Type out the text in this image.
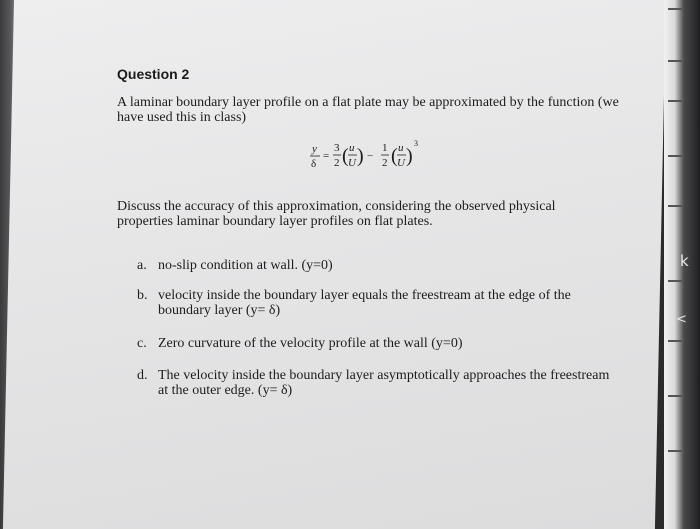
k
<
Question 2
A laminar boundary layer profile on a flat plate may be approximated by the function (we have used this in class)
y
δ
=
3
2 ( u
U ) −
1
2 ( u
U )
3
Discuss the accuracy of this approximation, considering the observed physical properties laminar boundary layer profiles on flat plates.
a. no-slip condition at wall. (y=0)
b. velocity inside the boundary layer equals the freestream at the edge of the boundary layer (y= δ)
c. Zero curvature of the velocity profile at the wall (y=0)
d. The velocity inside the boundary layer asymptotically approaches the freestream at the outer edge. (y= δ)
